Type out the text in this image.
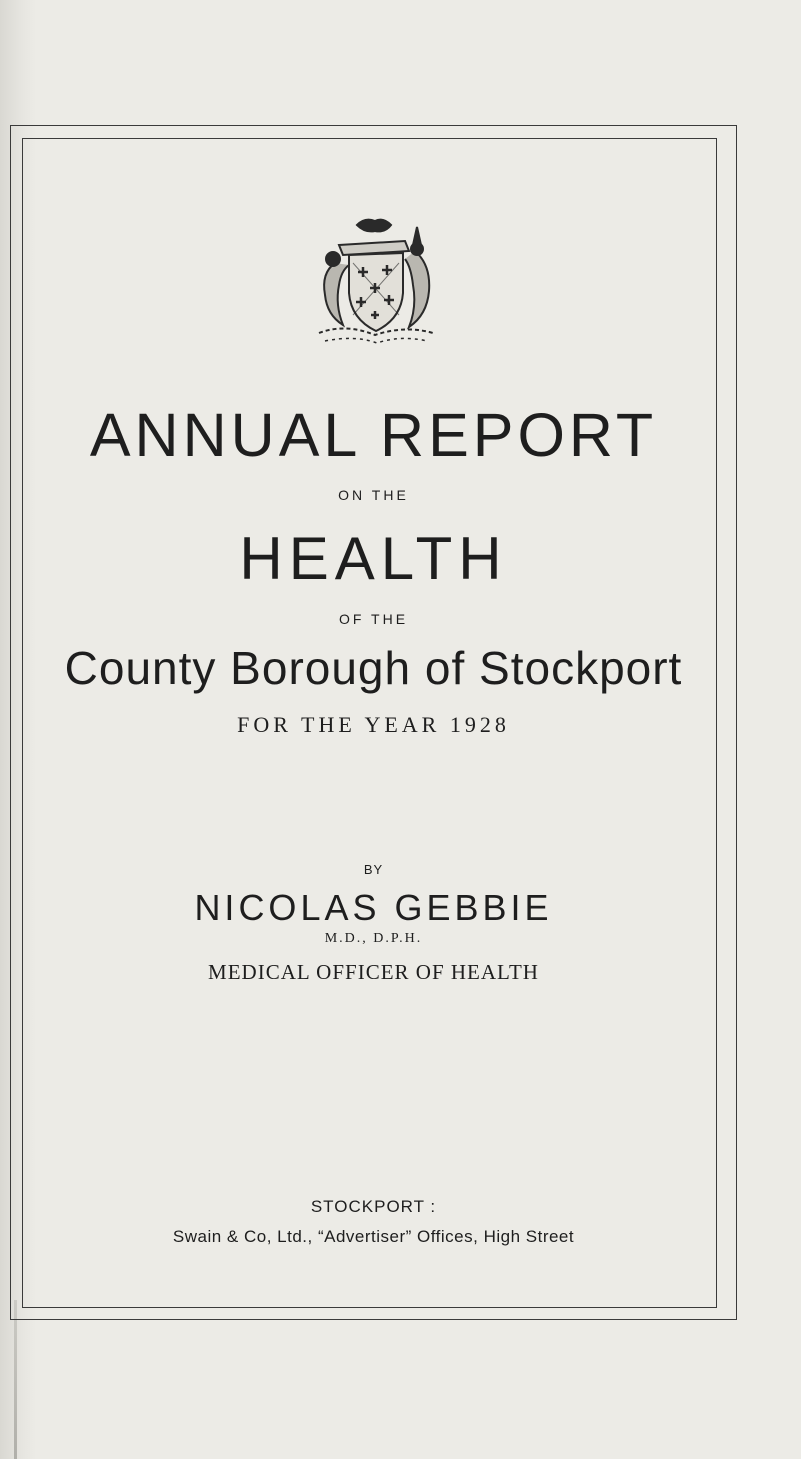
ANNUAL REPORT
ON THE
HEALTH
OF THE
County Borough of Stockport
FOR THE YEAR 1928
BY
NICOLAS GEBBIE
M.D., D.P.H.
MEDICAL OFFICER OF HEALTH
STOCKPORT :
Swain & Co, Ltd., “Advertiser” Offices, High Street
